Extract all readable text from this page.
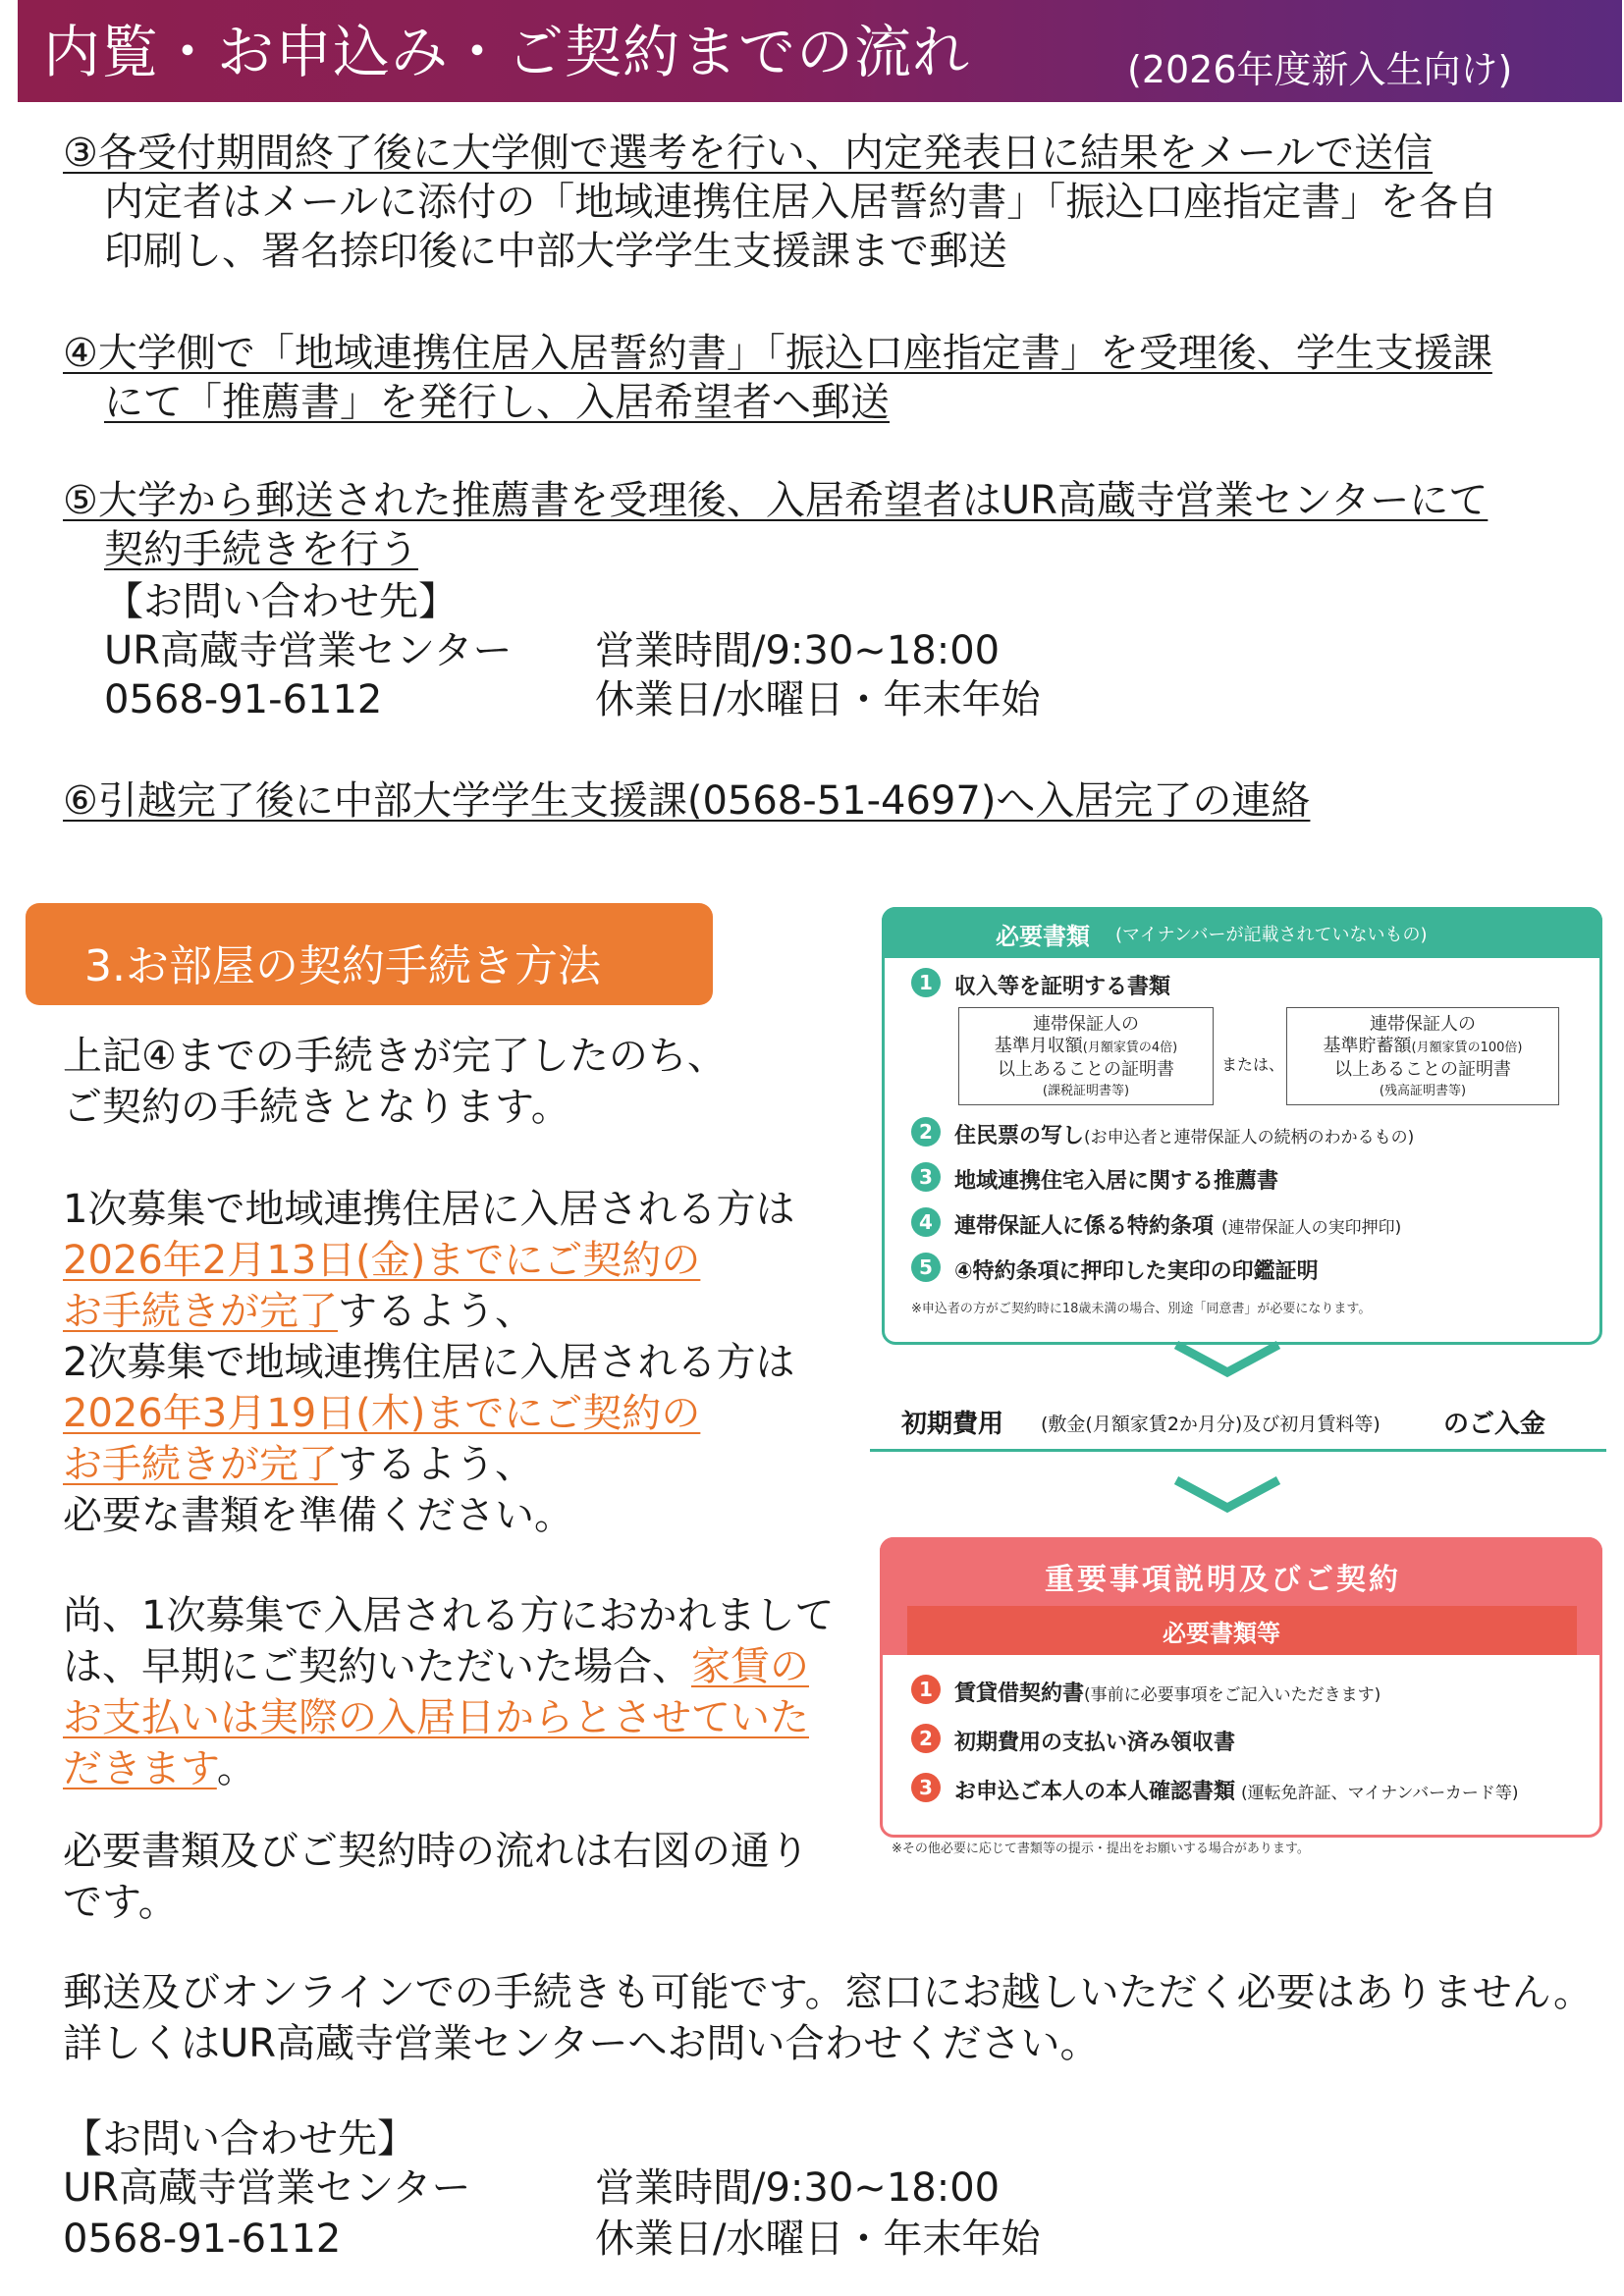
内覧・お申込み・ご契約までの流れ	(2026年度新入生向け)
③各受付期間終了後に大学側で選考を行い、内定発表日に結果をメールで送信
内定者はメールに添付の「地域連携住居入居誓約書」「振込口座指定書」を各自
印刷し、署名捺印後に中部大学学生支援課まで郵送
④大学側で「地域連携住居入居誓約書」「振込口座指定書」を受理後、学生支援課
にて「推薦書」を発行し、入居希望者へ郵送
⑤大学から郵送された推薦書を受理後、入居希望者はUR高蔵寺営業センターにて
契約手続きを行う
【お問い合わせ先】
UR高蔵寺営業センター
0568-91-6112
営業時間/9:30~18:00
休業日/水曜日・年末年始
⑥引越完了後に中部大学学生支援課(0568-51-4697)へ入居完了の連絡
3.お部屋の契約手続き方法
上記④までの手続きが完了したのち、
ご契約の手続きとなります。
1次募集で地域連携住居に入居される方は
2026年2月13日(金)までにご契約の
お手続きが完了するよう、
2次募集で地域連携住居に入居される方は
2026年3月19日(木)までにご契約の
お手続きが完了するよう、
必要な書類を準備ください。
尚、1次募集で入居される方におかれまして
は、早期にご契約いただいた場合、家賃の
お支払いは実際の入居日からとさせていた
だきます。
必要書類及びご契約時の流れは右図の通り
です。
郵送及びオンラインでの手続きも可能です。窓口にお越しいただく必要はありません。
詳しくはUR高蔵寺営業センターへお問い合わせください。
【お問い合わせ先】
UR高蔵寺営業センター
0568-91-6112
営業時間/9:30~18:00
休業日/水曜日・年末年始
必要書類 (マイナンバーが記載されていないもの)
1	収入等を証明する書類
連帯保証人の
基準月収額(月額家賃の4倍)
以上あることの証明書
(課税証明書等)
または、
連帯保証人の
基準貯蓄額(月額家賃の100倍)
以上あることの証明書
(残高証明書等)
2	住民票の写し(お申込者と連帯保証人の続柄のわかるもの)
3	地域連携住宅入居に関する推薦書
4	連帯保証人に係る特約条項 (連帯保証人の実印押印)
5	④特約条項に押印した実印の印鑑証明
※申込者の方がご契約時に18歳未満の場合、別途「同意書」が必要になります。
初期費用 (敷金(月額家賃2か月分)及び初月賃料等) のご入金
重要事項説明及びご契約
必要書類等
1	賃貸借契約書(事前に必要事項をご記入いただきます)
2	初期費用の支払い済み領収書
3	お申込ご本人の本人確認書類 (運転免許証、マイナンバーカード等)
※その他必要に応じて書類等の提示・提出をお願いする場合があります。
